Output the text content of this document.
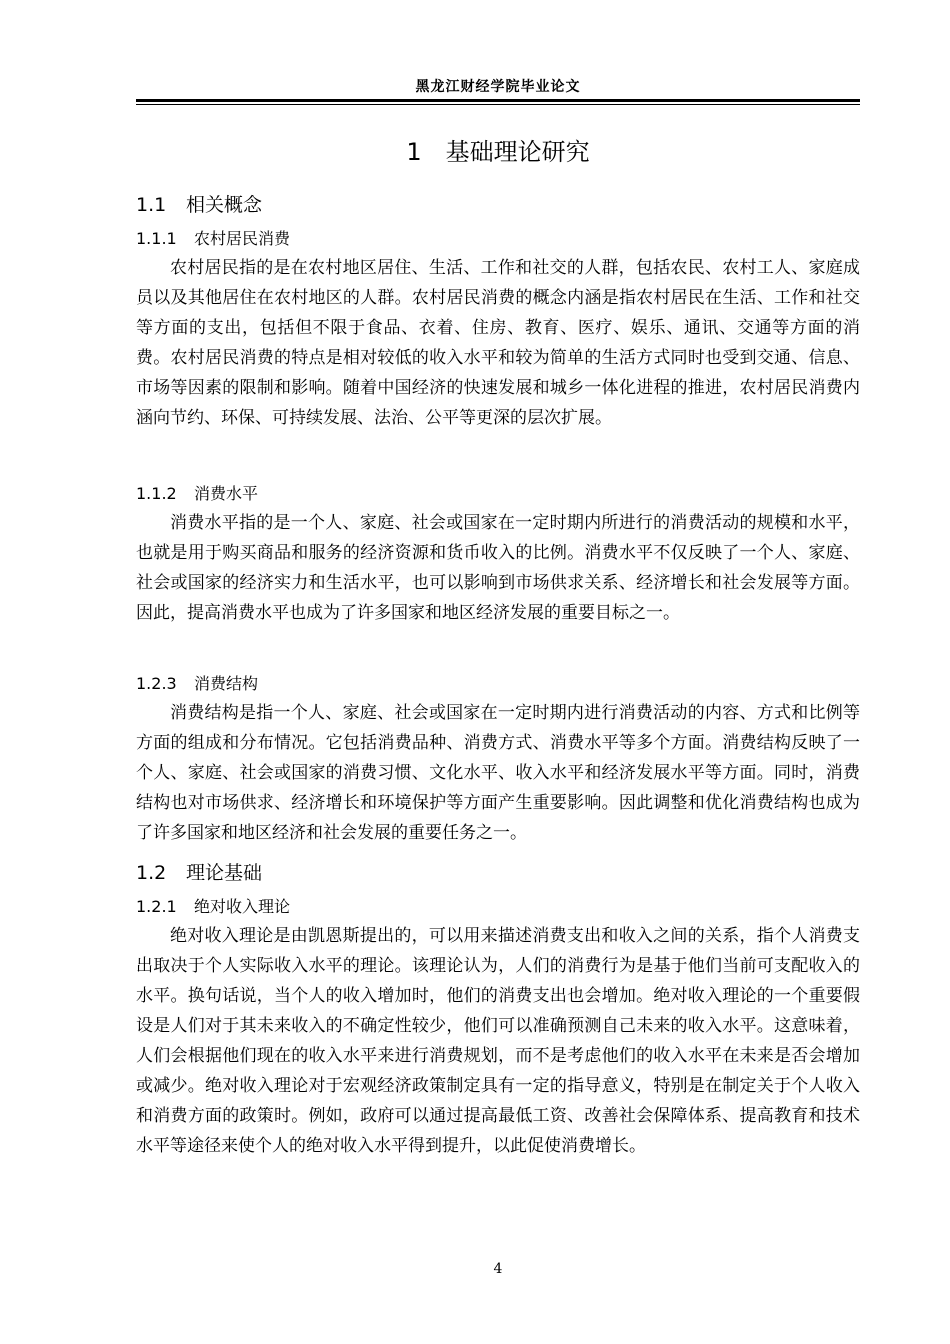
黑龙江财经学院毕业论文
1 基础理论研究
1.1 相关概念
1.1.1 农村居民消费

农村居民指的是在农村地区居住、生活、工作和社交的人群，包括农民、农村工人、家庭成员以及其他居住在农村地区的人群。农村居民消费的概念内涵是指农村居民在生活、工作和社交等方面的支出，包括但不限于食品、衣着、住房、教育、医疗、娱乐、通讯、交通等方面的消费。农村居民消费的特点是相对较低的收入水平和较为简单的生活方式同时也受到交通、信息、市场等因素的限制和影响。随着中国经济的快速发展和城乡一体化进程的推进，农村居民消费内涵向节约、环保、可持续发展、法治、公平等更深的层次扩展。

1.1.2 消费水平

消费水平指的是一个人、家庭、社会或国家在一定时期内所进行的消费活动的规模和水平，也就是用于购买商品和服务的经济资源和货币收入的比例。消费水平不仅反映了一个人、家庭、社会或国家的经济实力和生活水平，也可以影响到市场供求关系、经济增长和社会发展等方面。因此，提高消费水平也成为了许多国家和地区经济发展的重要目标之一。

1.2.3 消费结构

消费结构是指一个人、家庭、社会或国家在一定时期内进行消费活动的内容、方式和比例等方面的组成和分布情况。它包括消费品种、消费方式、消费水平等多个方面。消费结构反映了一个人、家庭、社会或国家的消费习惯、文化水平、收入水平和经济发展水平等方面。同时，消费结构也对市场供求、经济增长和环境保护等方面产生重要影响。因此调整和优化消费结构也成为了许多国家和地区经济和社会发展的重要任务之一。

1.2 理论基础
1.2.1 绝对收入理论

绝对收入理论是由凯恩斯提出的，可以用来描述消费支出和收入之间的关系，指个人消费支出取决于个人实际收入水平的理论。该理论认为，人们的消费行为是基于他们当前可支配收入的水平。换句话说，当个人的收入增加时，他们的消费支出也会增加。绝对收入理论的一个重要假设是人们对于其未来收入的不确定性较少，他们可以准确预测自己未来的收入水平。这意味着，人们会根据他们现在的收入水平来进行消费规划，而不是考虑他们的收入水平在未来是否会增加或减少。绝对收入理论对于宏观经济政策制定具有一定的指导意义，特别是在制定关于个人收入和消费方面的政策时。例如，政府可以通过提高最低工资、改善社会保障体系、提高教育和技术水平等途径来使个人的绝对收入水平得到提升，以此促使消费增长。

4
